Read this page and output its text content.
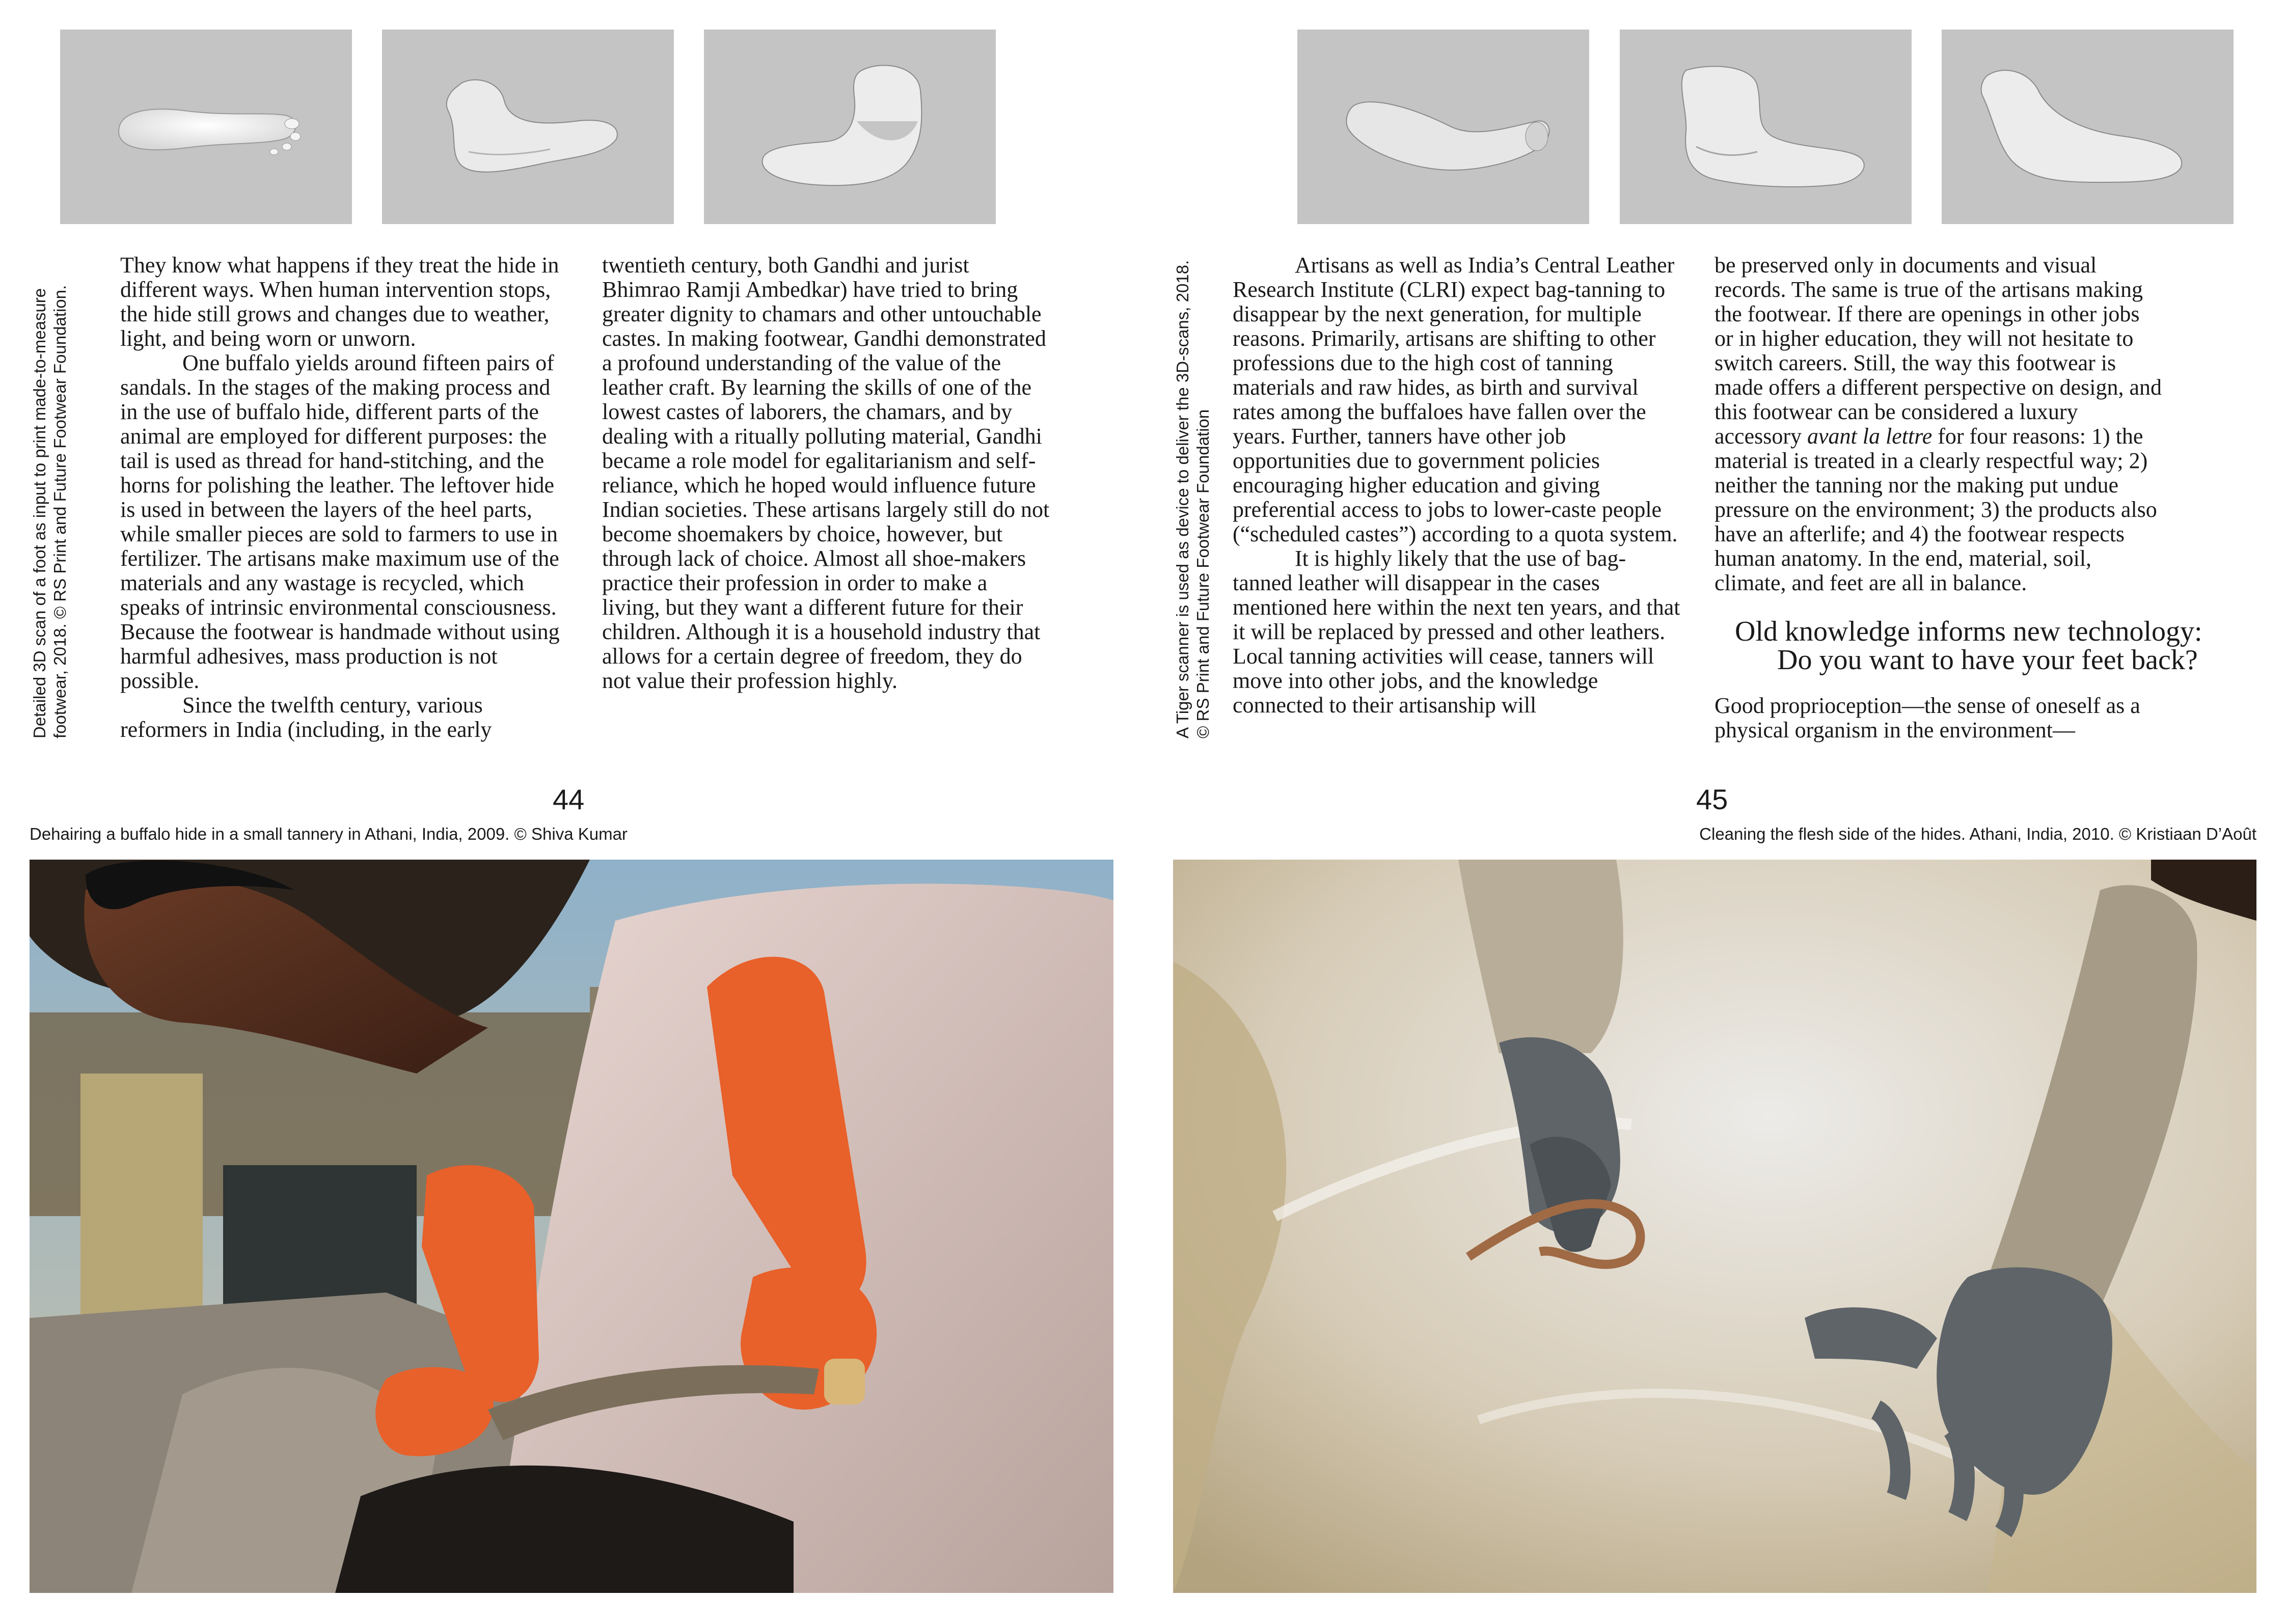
Detailed 3D scan of a foot as input to print made-to-measure footwear, 2018. © RS Print and Future Footwear Foundation.

They know what happens if they treat the hide in different ways. When human intervention stops, the hide still grows and changes due to weather, light, and being worn or unworn.

One buffalo yields around fifteen pairs of sandals. In the stages of the making process and in the use of buffalo hide, different parts of the animal are employed for different purposes: the tail is used as thread for hand-stitching, and the horns for polishing the leather. The leftover hide is used in between the layers of the heel parts, while smaller pieces are sold to farmers to use in fertilizer. The artisans make maximum use of the materials and any wastage is recycled, which speaks of intrinsic environmental consciousness. Because the footwear is handmade without using harmful adhesives, mass production is not possible.

Since the twelfth century, various reformers in India (including, in the early

twentieth century, both Gandhi and jurist Bhimrao Ramji Ambedkar) have tried to bring greater dignity to chamars and other untouchable castes. In making footwear, Gandhi demonstrated a profound understanding of the value of the leather craft. By learning the skills of one of the lowest castes of laborers, the chamars, and by dealing with a ritually polluting material, Gandhi became a role model for egalitarianism and self-reliance, which he hoped would influence future Indian societies. These artisans largely still do not become shoemakers by choice, however, but through lack of choice. Almost all shoe-makers practice their profession in order to make a living, but they want a different future for their children. Although it is a household industry that allows for a certain degree of freedom, they do not value their profession highly.	A Tiger scanner is used as device to deliver the 3D-scans, 2018. © RS Print and Future Footwear Foundation

Artisans as well as India’s Central Leather Research Institute (CLRI) expect bag-tanning to disappear by the next generation, for multiple reasons. Primarily, artisans are shifting to other professions due to the high cost of tanning materials and raw hides, as birth and survival rates among the buffaloes have fallen over the years. Further, tanners have other job opportunities due to government policies encouraging higher education and giving preferential access to jobs to lower-caste people (“scheduled castes”) according to a quota system.

It is highly likely that the use of bag-tanned leather will disappear in the cases mentioned here within the next ten years, and that it will be replaced by pressed and other leathers. Local tanning activities will cease, tanners will move into other jobs, and the knowledge connected to their artisanship will

be preserved only in documents and visual records. The same is true of the artisans making the footwear. If there are openings in other jobs or in higher education, they will not hesitate to switch careers. Still, the way this footwear is made offers a different perspective on design, and this footwear can be considered a luxury accessory avant la lettre for four reasons: 1) the material is treated in a clearly respectful way; 2) neither the tanning nor the making put undue pressure on the environment; 3) the products also have an afterlife; and 4) the footwear respects human anatomy. In the end, material, soil, climate, and feet are all in balance.

Old knowledge informs new technology:
Do you want to have your feet back?

Good proprioception—the sense of oneself as a physical organism in the environment—

44	45
Dehairing a buffalo hide in a small tannery in Athani, India, 2009. © Shiva Kumar	Cleaning the flesh side of the hides. Athani, India, 2010. © Kristiaan D’Août
